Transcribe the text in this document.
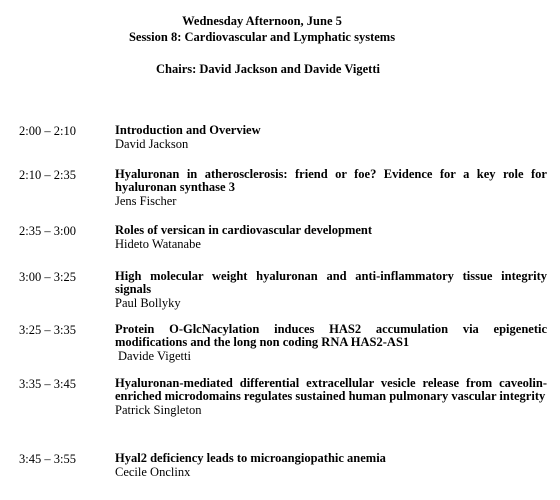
Wednesday Afternoon, June 5
Session 8: Cardiovascular and Lymphatic systems
Chairs: David Jackson and Davide Vigetti
2:00 – 2:10	Introduction and Overview
David Jackson
2:10 – 2:35	Hyaluronan in atherosclerosis: friend or foe? Evidence for a key role for hyaluronan synthase 3
Jens Fischer
2:35 – 3:00	Roles of versican in cardiovascular development
Hideto Watanabe
3:00 – 3:25	High molecular weight hyaluronan and anti-inflammatory tissue integrity signals
Paul Bollyky
3:25 – 3:35	Protein O-GlcNacylation induces HAS2 accumulation via epigenetic modifications and the long non coding RNA HAS2-AS1
Davide Vigetti
3:35 – 3:45	Hyaluronan-mediated differential extracellular vesicle release from caveolin-enriched microdomains regulates sustained human pulmonary vascular integrity
Patrick Singleton
3:45 – 3:55	Hyal2 deficiency leads to microangiopathic anemia
Cecile Onclinx
